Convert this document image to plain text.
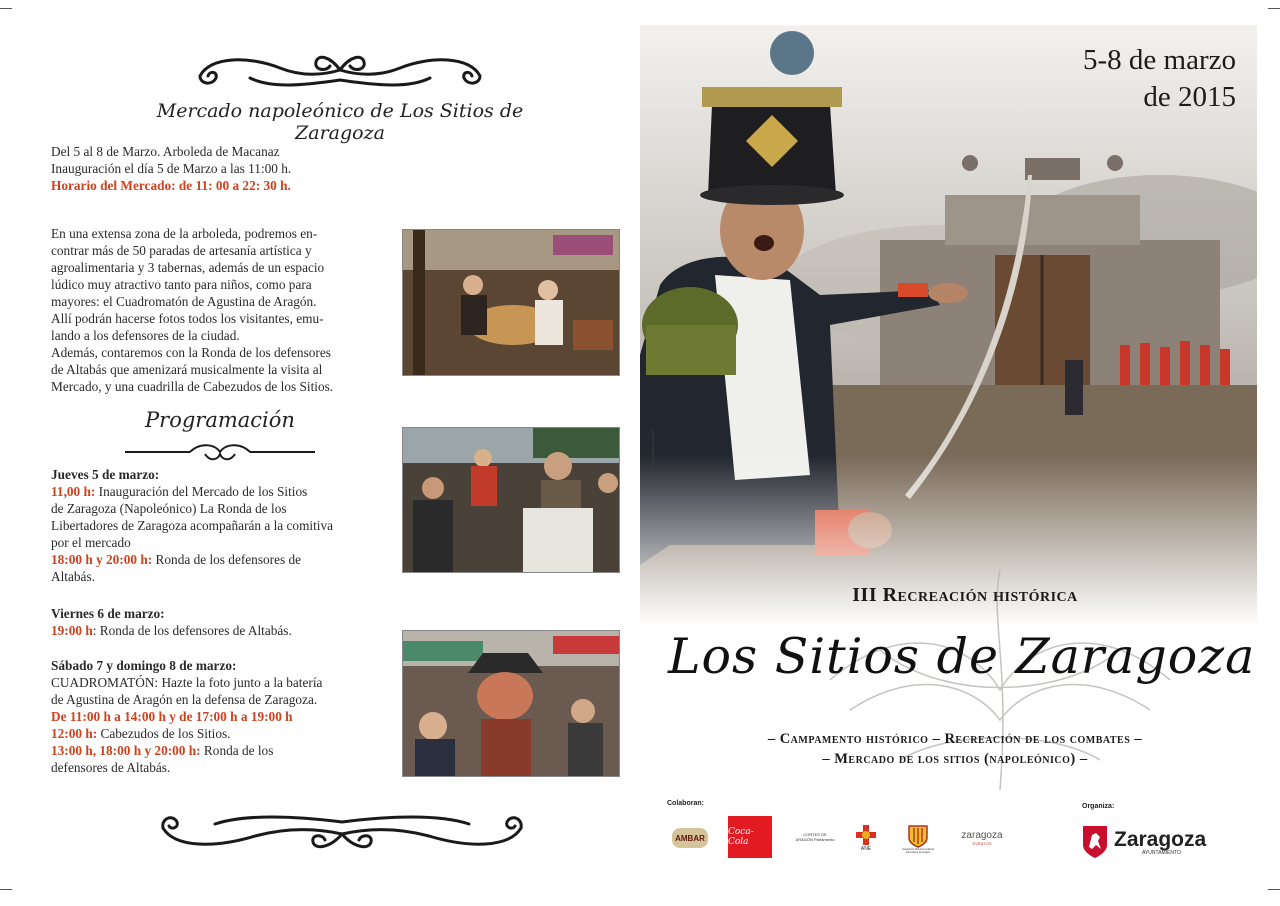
Mercado napoleónico de Los Sitios de Zaragoza

Del 5 al 8 de Marzo. Arboleda de Macanaz

Inauguración el día 5 de Marzo a las 11:00 h.

Horario del Mercado: de 11: 00 a 22: 30 h.

En una extensa zona de la arboleda, podremos en-

contrar más de 50 paradas de artesanía artística y

agroalimentaria y 3 tabernas, además de un espacio

lúdico muy atractivo tanto para niños, como para

mayores: el Cuadromatón de Agustina de Aragón.

Allí podrán hacerse fotos todos los visitantes, emu-

lando a los defensores de la ciudad.

Además, contaremos con la Ronda de los defensores

de Altabás que amenizará musicalmente la visita al

Mercado, y una cuadrilla de Cabezudos de los Sitios.

Programación

Jueves 5 de marzo:

11,00 h: Inauguración del Mercado de los Sitios

de Zaragoza (Napoleónico) La Ronda de los

Libertadores de Zaragoza acompañarán a la comitiva

por el mercado

18:00 h y 20:00 h: Ronda de los defensores de

Altabás.

Viernes 6 de marzo:

19:00 h: Ronda de los defensores de Altabás.

Sábado 7 y domingo 8 de marzo:

CUADROMATÓN: Hazte la foto junto a la batería

de Agustina de Aragón en la defensa de Zaragoza.

De 11:00 h a 14:00 h y de 17:00 h a 19:00 h

12:00 h: Cabezudos de los Sitios.

13:00 h, 18:00 h y 20:00 h: Ronda de los

defensores de Altabás.

Diseño: Luis Grañena López
5-8 de marzo
de 2015
III Recreación histórica
Los Sitios de Zaragoza
– Campamento histórico – Recreación de los combates –
– Mercado de los sitios (napoleónico) –
Colaboran:	Organiza:
AMBAR
Coca-Cola
CORTES DE ARAGÓN Parlamento
ANE	Asociación Histórico-Cultural Voluntarios de Aragón
zaragoza
EVENTOS	Zaragoza
AYUNTAMIENTO
